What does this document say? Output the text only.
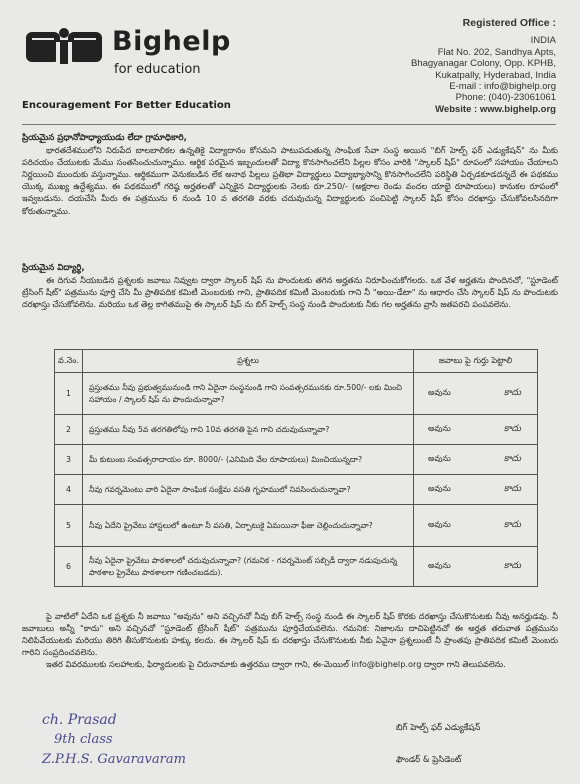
Bighelp
for education
Encouragement For Better Education
Registered Office :
INDIA
Flat No. 202, Sandhya Apts,
Bhagyanagar Colony, Opp. KPHB,
Kukatpally, Hyderabad, India
E-mail : info@bighelp.org
Phone: (040)-23061061
Website : www.bighelp.org
ప్రియమైన ప్రధానోపాధ్యాయుడు లేదా గ్రామాధికారి,

భారతదేశములోని నిరుపేద బాలబాలికల ఉన్నతికై విద్యాదానం కోసమని పాటుపడుతున్న సాంఘిక సేవా సంస్థ అయిన "బిగ్ హెల్ప్ ఫర్ ఎడ్యుకేషన్" ను మీకు పరిచయం చేయుటకు మేము సంతసించుచున్నాము. ఆర్థిక పరమైన ఇబ్బందులతో విద్యా కొనసాగించలేని పిల్లల కోసం వారికి "స్కాలర్ షిప్" రూపంలో సహాయం చేయాలని నిర్ణయించి ముందుకు వస్తున్నాము. ఆర్థికముగా వెనుకబడిన లేక అనాథ పిల్లలు ప్రతిభా విద్యార్థులు విద్యాభ్యాసాన్ని కొనసాగించలేని పరిస్థితి ఏర్పడకూడదన్నదే ఈ పథకము యొక్క ముఖ్య ఉద్దేశ్యము. ఈ పథకములో గరిష్ఠ అర్హతలతో ఎన్నికైన విద్యార్థులకు నెలకు రూ.250/- (అక్షరాల రెండు వందల యాభై రూపాయలు) కానుకల రూపంలో ఇవ్వబడును. దయచేసి మీరు ఈ పత్రమును 6 నుండి 10 వ తరగతి వరకు చదువుచున్న విద్యార్థులకు పంచిపెట్టి స్కాలర్ షిప్ కోసం దరఖాస్తు చేసుకోవలసినదిగా కోరుతున్నాము.

ప్రియమైన విద్యార్థి,

ఈ దిగువ నీయబడిన ప్రశ్నలకు జవాబు నివ్వుట ద్వారా స్కాలర్ షిప్ ను పొందుటకు తగిన అర్హతను నిరూపించుకోగలరు. ఒక వేళ అర్హతను పొందినచో, "స్టూడెంట్ ట్రేసింగ్ షీట్" పత్రమును పూర్తి చేసి మీ ప్రాతిపదిక కమిటీ మెంబరుకు గాని, ప్రాతిపదిక కమిటీ మెంబరుకు గాని నీ "అయి-డేటా" ను ఆధారం చేసి స్కాలర్ షిప్ ను పొందుటకు దరఖాస్తు చేసుకోవలెను. మరియు ఒక తెల్ల కాగితముపై ఈ స్కాలర్ షిప్ ను బిగ్ హెల్ప్ సంస్థ నుండి పొందుటకు నీకు గల అర్హతను వ్రాసి జతపరచి పంపవలెను.

వ.నెం.	ప్రశ్నలు	జవాబు పై గుర్తు పెట్టాలి
1	ప్రస్తుతము నీవు ప్రభుత్వమునుండి గాని ఏదైనా సంస్థనుండి గాని సంవత్సరమునకు రూ.500/- లకు మించి సహాయం / స్కాలర్ షిప్ ను పొందుచున్నావా?	అవును కాదు

2	ప్రస్తుతము నీవు 5వ తరగతిలోపు గాని 10వ తరగతి పైన గాని చదువుచున్నావా?	అవును కాదు

3	మీ కుటుంబ సంవత్సరాదాయం రూ. 8000/- (ఎనిమిది వేల రూపాయలు) మించియున్నదా?	అవును కాదు

4	నీవు గవర్నమెంటు వారి ఏదైనా సాంఘిక సంక్షేమ వసతి గృహములో నివసించుచున్నావా?	అవును కాదు

5	నీవు ఏదేని ప్రైవేటు హాస్టలులో ఉంటూ నీ వసతి, ఏర్పాటుకై ఏమయినా ఫీజు చెల్లించుచున్నావా?	అవును కాదు

6	నీవు ఏదైనా ప్రైవేటు పాఠశాలలో చదువుచున్నావా? (గమనిక - గవర్నమెంట్ సబ్సిడీ ద్వారా నడుపుచున్న పాఠశాల ప్రైవేటు పాఠశాలగా గణించబడదు).	అవును కాదు

పై వాటిలో ఏదేని ఒక ప్రశ్నకు నీ జవాబు "అవును" అని వచ్చినచో నీవు బిగ్ హెల్ప్ సంస్థ నుండి ఈ స్కాలర్ షిప్ కొరకు దరఖాస్తు చేసుకొనుటకు నీవు అనర్హుడవు. నీ జవాబులు అన్నీ "కాదు" అని వచ్చినచో "స్టూడెంట్ ట్రేసింగ్ షీట్" పత్రమును పూర్తిచేయవలెను. గమనిక: నిజాలను దాచిపెట్టినచో ఈ అర్హత తరువాత పత్రమును నిలిపివేయుటకు మరియు తిరిగి తీసుకొనుటకు హక్కు కలదు. ఈ స్కాలర్ షిప్ కు దరఖాస్తు చేసుకొనుటకు నీకు ఏవైనా ప్రశ్నలుంటే నీ ప్రాంతపు ప్రాతిపదిక కమిటీ మెంబరు గారిని సంప్రదించవలెను.

ఇతర వివరములకు సలహాలకు, ఫిర్యాదులకు పై చిరునామాకు ఉత్తరము ద్వారా గాని, ఈ-మెయిల్ info@bighelp.org ద్వారా గాని తెలుపవలెను.

ch. Prasad
9th class
Z.P.H.S. Gavaravaram
బిగ్ హెల్ప్ ఫర్ ఎడ్యుకేషన్
ఫౌండర్ & ప్రెసిడెంట్
